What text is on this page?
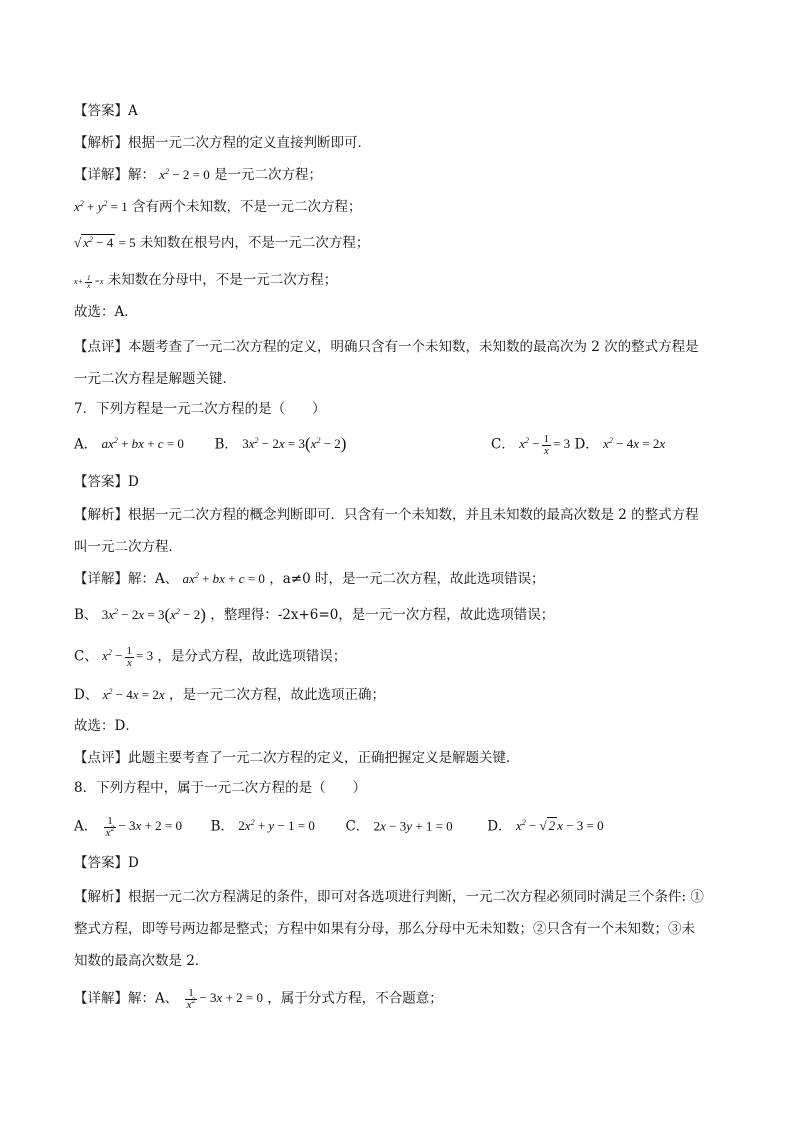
【答案】A
【解析】根据一元二次方程的定义直接判断即可．
【详解】解： $x^2 - 2 = 0$ 是一元二次方程；
$x^2 + y^2 = 1$ 含有两个未知数，不是一元二次方程；
√ $x^2 - 4 = 5$ 未知数在根号内，不是一元二次方程；
$x+ \frac{1}{x} =x$ 未知数在分母中，不是一元二次方程；
故选：A．
【点评】本题考查了一元二次方程的定义，明确只含有一个未知数，未知数的最高次为 2 次的整式方程是
一元二次方程是解题关键．
7．下列方程是一元二次方程的是（　　）
A． $ax^2$ + bx + c = 0 B． $3x^2 - 2x = 3(x^2 - 2)$	C． $x^2 - \frac{1}{x} = 3$ D． $x^2 - 4x = 2x$
【答案】D
【解析】根据一元二次方程的概念判断即可．只含有一个未知数，并且未知数的最高次数是 2 的整式方程
叫一元二次方程．
【详解】解：A、 $ax^2$ + bx + c = 0 ，a≠0 时，是一元二次方程，故此选项错误；
B、 $3x^2 - 2x = 3(x^2 - 2)$ ，整理得：-2x+6=0，是一元一次方程，故此选项错误；
C、 $x^2 - \frac{1}{x} = 3$ ，是分式方程，故此选项错误；
D、 $x^2 - 4x = 2x$ ，是一元二次方程，故此选项正确；
故选：D．
【点评】此题主要考查了一元二次方程的定义，正确把握定义是解题关键．
8．下列方程中，属于一元二次方程的是（　　）
A． $\frac{1}{x^2} - 3x + 2 = 0$ B． $2x^2 + y - 1 = 0$ C． 2x − 3y + 1 = 0	D． $x^2$ − √ 2 x − 3 = 0
【答案】D
【解析】根据一元二次方程满足的条件，即可对各选项进行判断，一元二次方程必须同时满足三个条件: ①
整式方程，即等号两边都是整式；方程中如果有分母，那么分母中无未知数；②只含有一个未知数；③未
知数的最高次数是 2．
【详解】解：A、 $\frac{1}{x^2} - 3x + 2 = 0$ ，属于分式方程，不合题意；
